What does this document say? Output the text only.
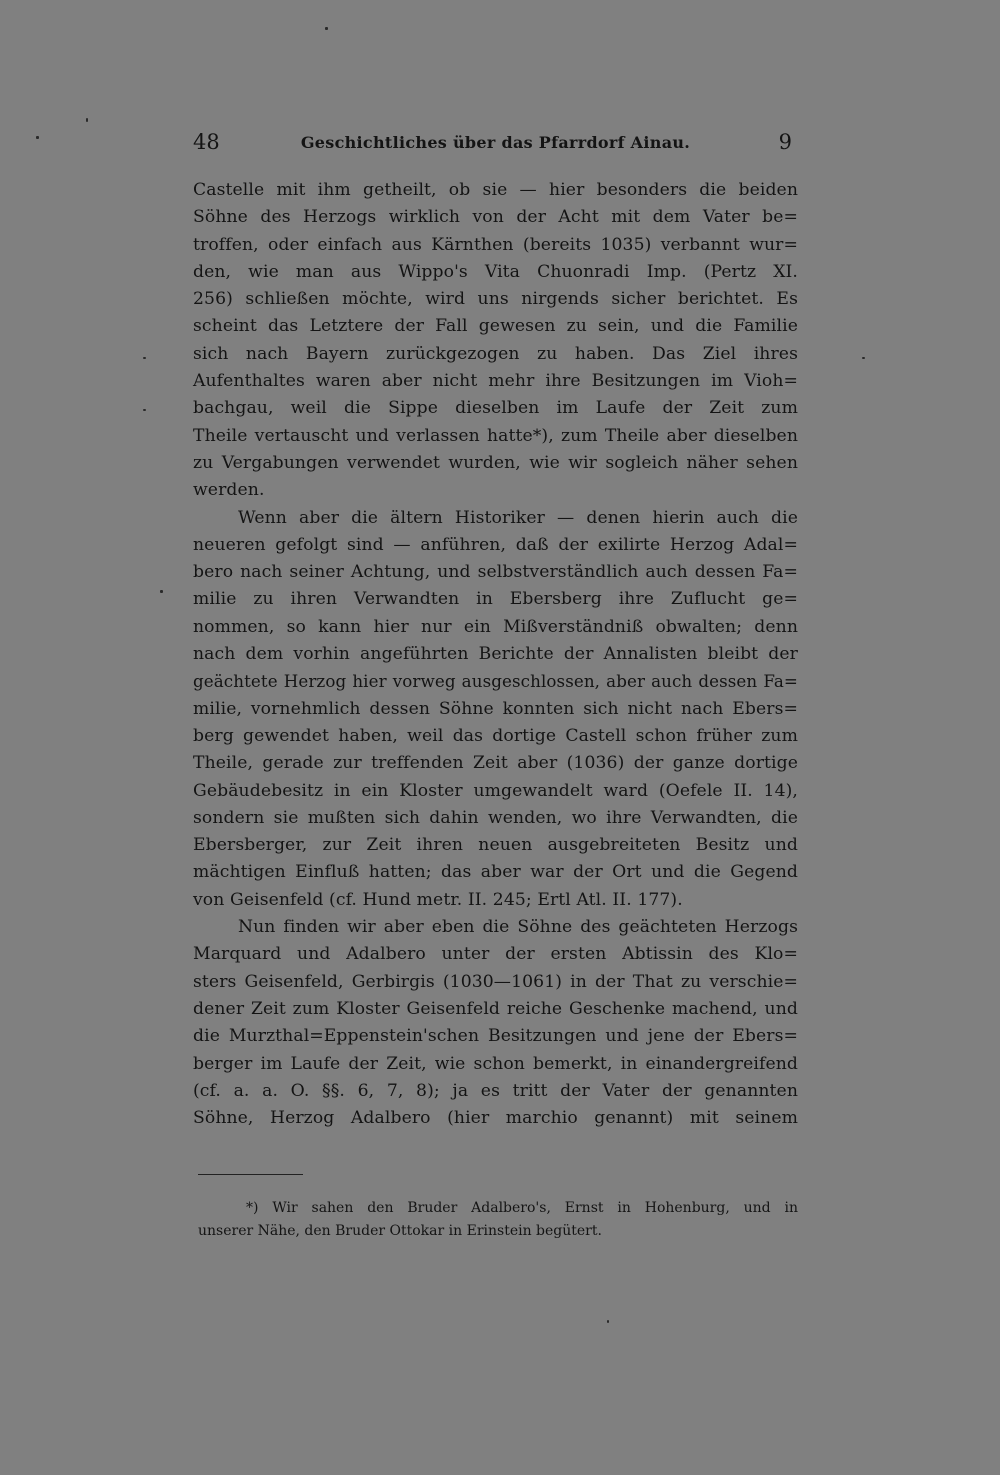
48	Geschichtliches über das Pfarrdorf Ainau.	9
Castelle mit ihm getheilt, ob sie — hier besonders die beiden
Söhne des Herzogs wirklich von der Acht mit dem Vater be=
troffen, oder einfach aus Kärnthen (bereits 1035) verbannt wur=
den, wie man aus Wippo's Vita Chuonradi Imp. (Pertz XI.
256) schließen möchte, wird uns nirgends sicher berichtet. Es
scheint das Letztere der Fall gewesen zu sein, und die Familie
sich nach Bayern zurückgezogen zu haben. Das Ziel ihres
Aufenthaltes waren aber nicht mehr ihre Besitzungen im Vioh=
bachgau, weil die Sippe dieselben im Laufe der Zeit zum
Theile vertauscht und verlassen hatte*), zum Theile aber dieselben
zu Vergabungen verwendet wurden, wie wir sogleich näher sehen
werden.
Wenn aber die ältern Historiker — denen hierin auch die
neueren gefolgt sind — anführen, daß der exilirte Herzog Adal=
bero nach seiner Achtung, und selbstverständlich auch dessen Fa=
milie zu ihren Verwandten in Ebersberg ihre Zuflucht ge=
nommen, so kann hier nur ein Mißverständniß obwalten; denn
nach dem vorhin angeführten Berichte der Annalisten bleibt der
geächtete Herzog hier vorweg ausgeschlossen, aber auch dessen Fa=
milie, vornehmlich dessen Söhne konnten sich nicht nach Ebers=
berg gewendet haben, weil das dortige Castell schon früher zum
Theile, gerade zur treffenden Zeit aber (1036) der ganze dortige
Gebäudebesitz in ein Kloster umgewandelt ward (Oefele II. 14),
sondern sie mußten sich dahin wenden, wo ihre Verwandten, die
Ebersberger, zur Zeit ihren neuen ausgebreiteten Besitz und
mächtigen Einfluß hatten; das aber war der Ort und die Gegend
von Geisenfeld (cf. Hund metr. II. 245; Ertl Atl. II. 177).
Nun finden wir aber eben die Söhne des geächteten Herzogs
Marquard und Adalbero unter der ersten Abtissin des Klo=
sters Geisenfeld, Gerbirgis (1030—1061) in der That zu verschie=
dener Zeit zum Kloster Geisenfeld reiche Geschenke machend, und
die Murzthal=Eppenstein'schen Besitzungen und jene der Ebers=
berger im Laufe der Zeit, wie schon bemerkt, in einandergreifend
(cf. a. a. O. §§. 6, 7, 8); ja es tritt der Vater der genannten
Söhne, Herzog Adalbero (hier marchio genannt) mit seinem
*) Wir sahen den Bruder Adalbero's, Ernst in Hohenburg, und in
unserer Nähe, den Bruder Ottokar in Erinstein begütert.
